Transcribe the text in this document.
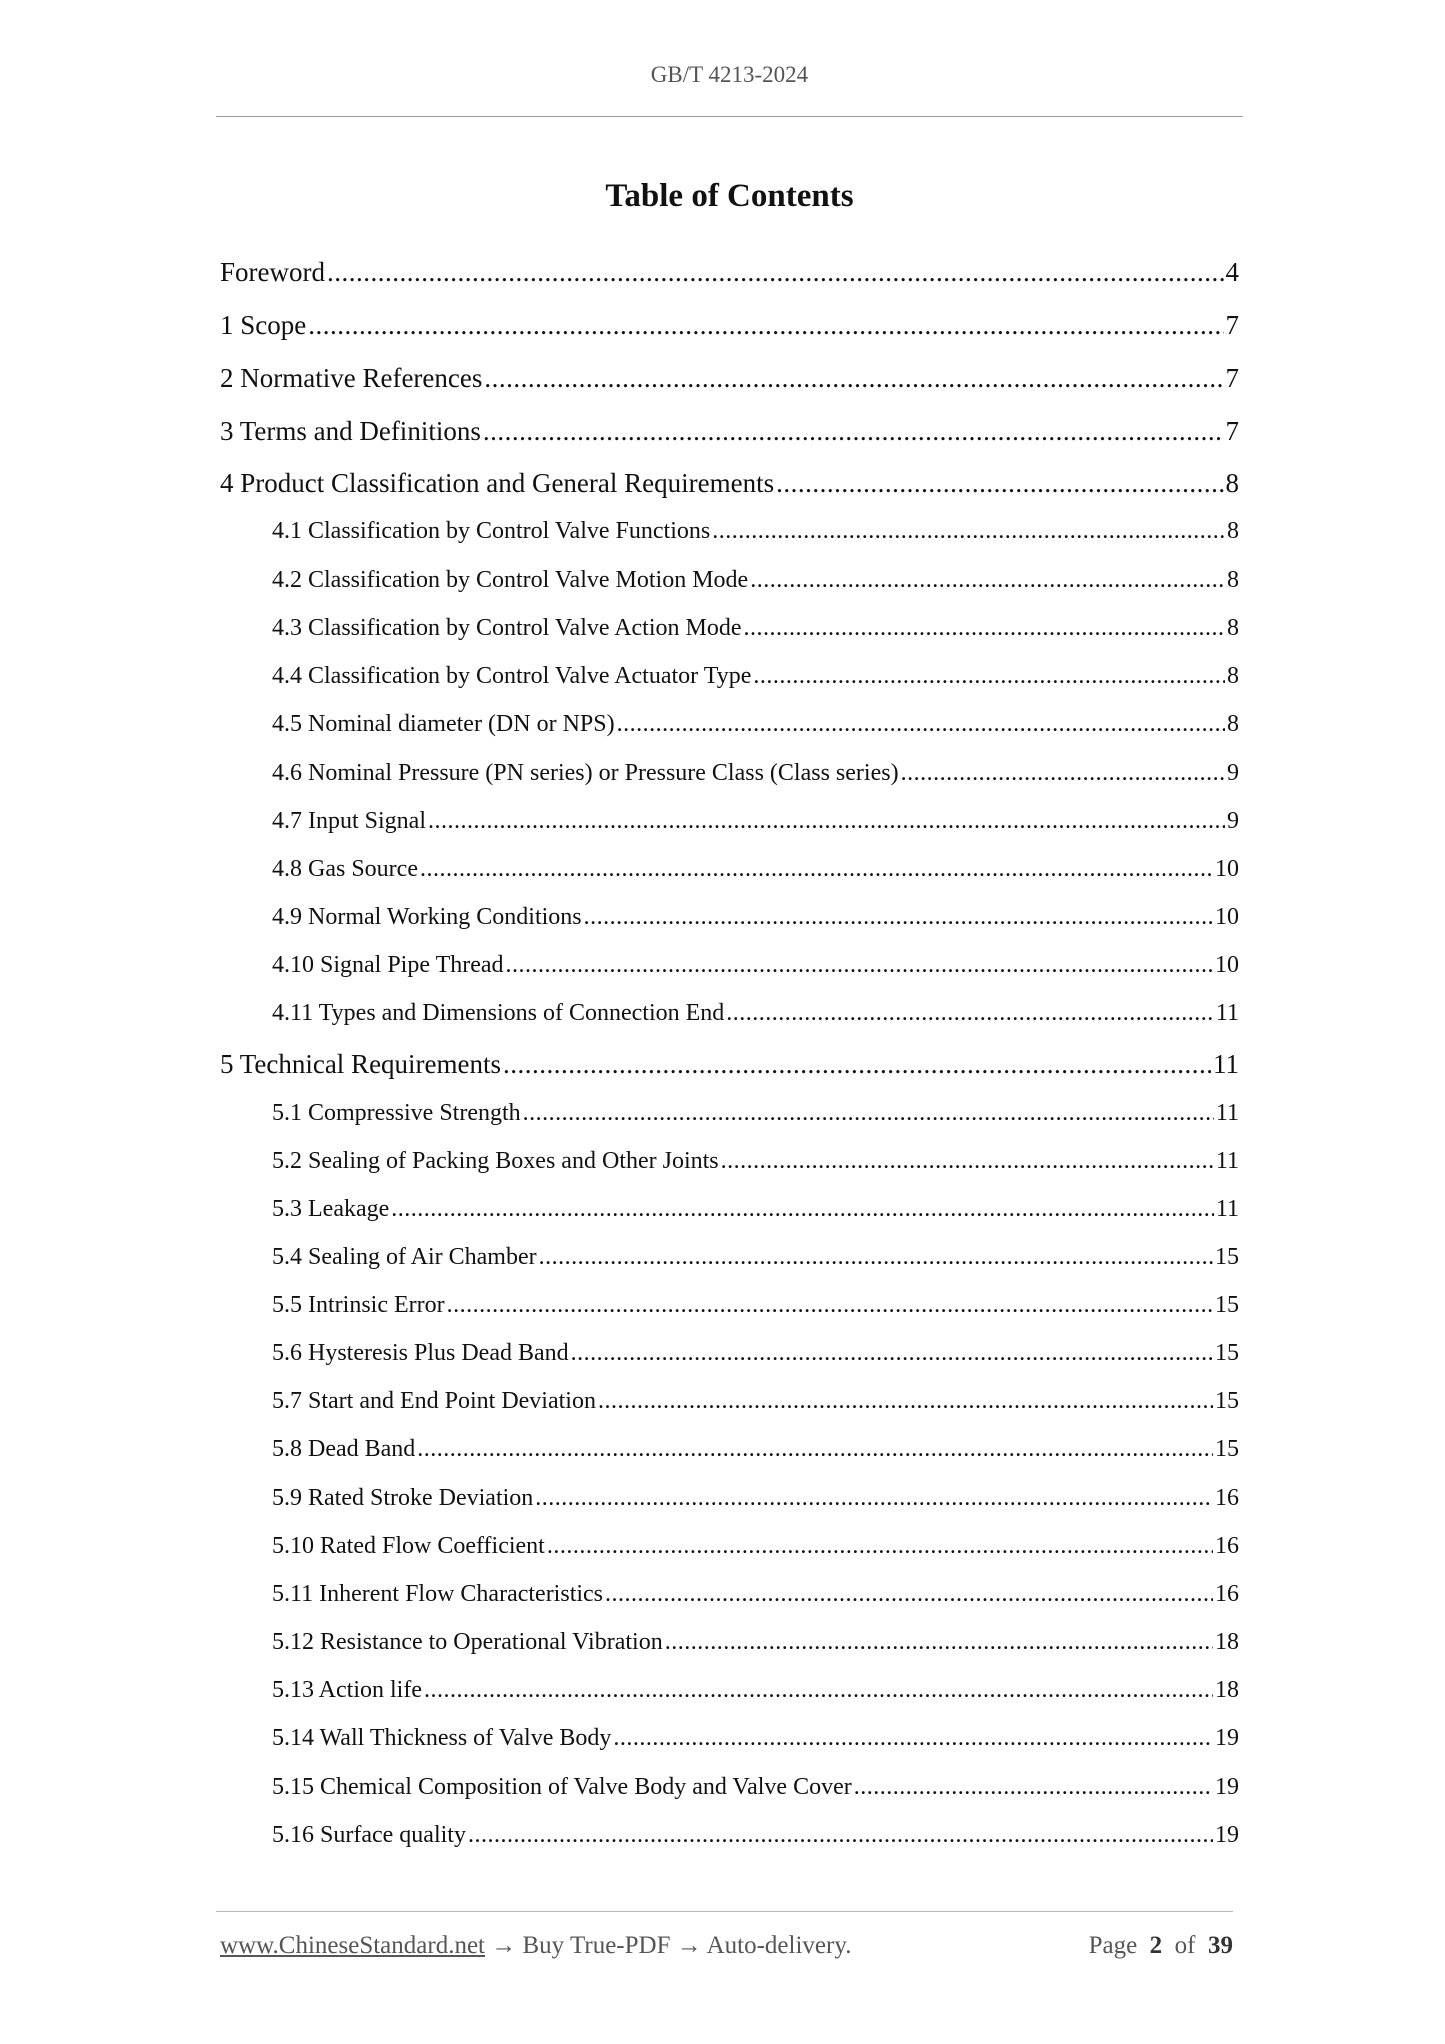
GB/T 4213-2024
Table of Contents
Foreword .....	4
1 Scope .....	7
2 Normative References .....	7
3 Terms and Definitions .....	7
4 Product Classification and General Requirements .....	8
4.1 Classification by Control Valve Functions .....	8
4.2 Classification by Control Valve Motion Mode .....	8
4.3 Classification by Control Valve Action Mode .....	8
4.4 Classification by Control Valve Actuator Type .....	8
4.5 Nominal diameter (DN or NPS) .....	8
4.6 Nominal Pressure (PN series) or Pressure Class (Class series) .....	9
4.7 Input Signal .....	9
4.8 Gas Source .....	10
4.9 Normal Working Conditions .....	10
4.10 Signal Pipe Thread .....	10
4.11 Types and Dimensions of Connection End .....	11
5 Technical Requirements .....	11
5.1 Compressive Strength .....	11
5.2 Sealing of Packing Boxes and Other Joints .....	11
5.3 Leakage .....	11
5.4 Sealing of Air Chamber .....	15
5.5 Intrinsic Error .....	15
5.6 Hysteresis Plus Dead Band .....	15
5.7 Start and End Point Deviation .....	15
5.8 Dead Band .....	15
5.9 Rated Stroke Deviation .....	16
5.10 Rated Flow Coefficient .....	16
5.11 Inherent Flow Characteristics .....	16
5.12 Resistance to Operational Vibration .....	18
5.13 Action life .....	18
5.14 Wall Thickness of Valve Body .....	19
5.15 Chemical Composition of Valve Body and Valve Cover .....	19
5.16 Surface quality .....	19
www.ChineseStandard.net → Buy True-PDF → Auto-delivery.	Page 2 of 39
